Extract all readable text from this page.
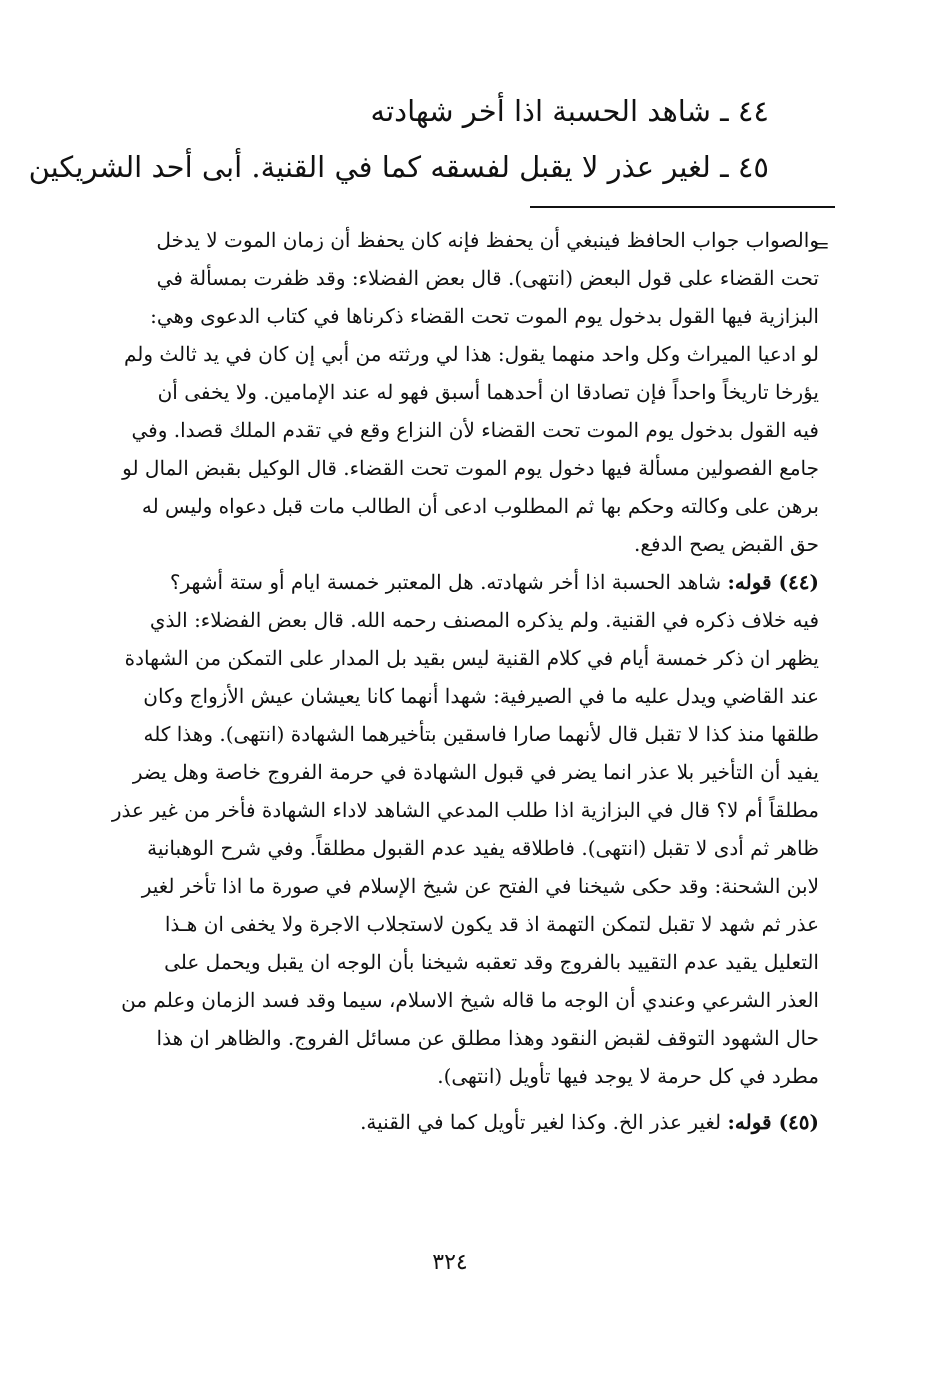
٤٤ ـ شاهد الحسبة اذا أخر شهادته
٤٥ ـ لغير عذر لا يقبل لفسقه كما في القنية. أبى أحد الشريكين
=
والصواب جواب الحافظ فينبغي أن يحفظ فإنه كان يحفظ أن زمان الموت لا يدخل
تحت القضاء على قول البعض (انتهى). قال بعض الفضلاء: وقد ظفرت بمسألة في
البزازية فيها القول بدخول يوم الموت تحت القضاء ذكرناها في كتاب الدعوى وهي:
لو ادعيا الميراث وكل واحد منهما يقول: هذا لي ورثته من أبي إن كان في يد ثالث ولم
يؤرخا تاريخاً واحداً فإن تصادقا ان أحدهما أسبق فهو له عند الإمامين. ولا يخفى أن
فيه القول بدخول يوم الموت تحت القضاء لأن النزاع وقع في تقدم الملك قصدا. وفي
جامع الفصولين مسألة فيها دخول يوم الموت تحت القضاء. قال الوكيل بقبض المال لو
برهن على وكالته وحكم بها ثم المطلوب ادعى أن الطالب مات قبل دعواه وليس له
حق القبض يصح الدفع.
(٤٤) قوله: شاهد الحسبة اذا أخر شهادته. هل المعتبر خمسة ايام أو ستة أشهر؟
فيه خلاف ذكره في القنية. ولم يذكره المصنف رحمه الله. قال بعض الفضلاء: الذي
يظهر ان ذكر خمسة أيام في كلام القنية ليس بقيد بل المدار على التمكن من الشهادة
عند القاضي ويدل عليه ما في الصيرفية: شهدا أنهما كانا يعيشان عيش الأزواج وكان
طلقها منذ كذا لا تقبل قال لأنهما صارا فاسقين بتأخيرهما الشهادة (انتهى). وهذا كله
يفيد أن التأخير بلا عذر انما يضر في قبول الشهادة في حرمة الفروج خاصة وهل يضر
مطلقاً أم لا؟ قال في البزازية اذا طلب المدعي الشاهد لاداء الشهادة فأخر من غير عذر
ظاهر ثم أدى لا تقبل (انتهى). فاطلاقه يفيد عدم القبول مطلقاً. وفي شرح الوهبانية
لابن الشحنة: وقد حكى شيخنا في الفتح عن شيخ الإسلام في صورة ما اذا تأخر لغير
عذر ثم شهد لا تقبل لتمكن التهمة اذ قد يكون لاستجلاب الاجرة ولا يخفى ان هـذا
التعليل يقيد عدم التقييد بالفروج وقد تعقبه شيخنا بأن الوجه ان يقبل ويحمل على
العذر الشرعي وعندي أن الوجه ما قاله شيخ الاسلام، سيما وقد فسد الزمان وعلم من
حال الشهود التوقف لقبض النقود وهذا مطلق عن مسائل الفروج. والظاهر ان هذا
مطرد في كل حرمة لا يوجد فيها تأويل (انتهى).
(٤٥) قوله: لغير عذر الخ. وكذا لغير تأويل كما في القنية.
٣٢٤
